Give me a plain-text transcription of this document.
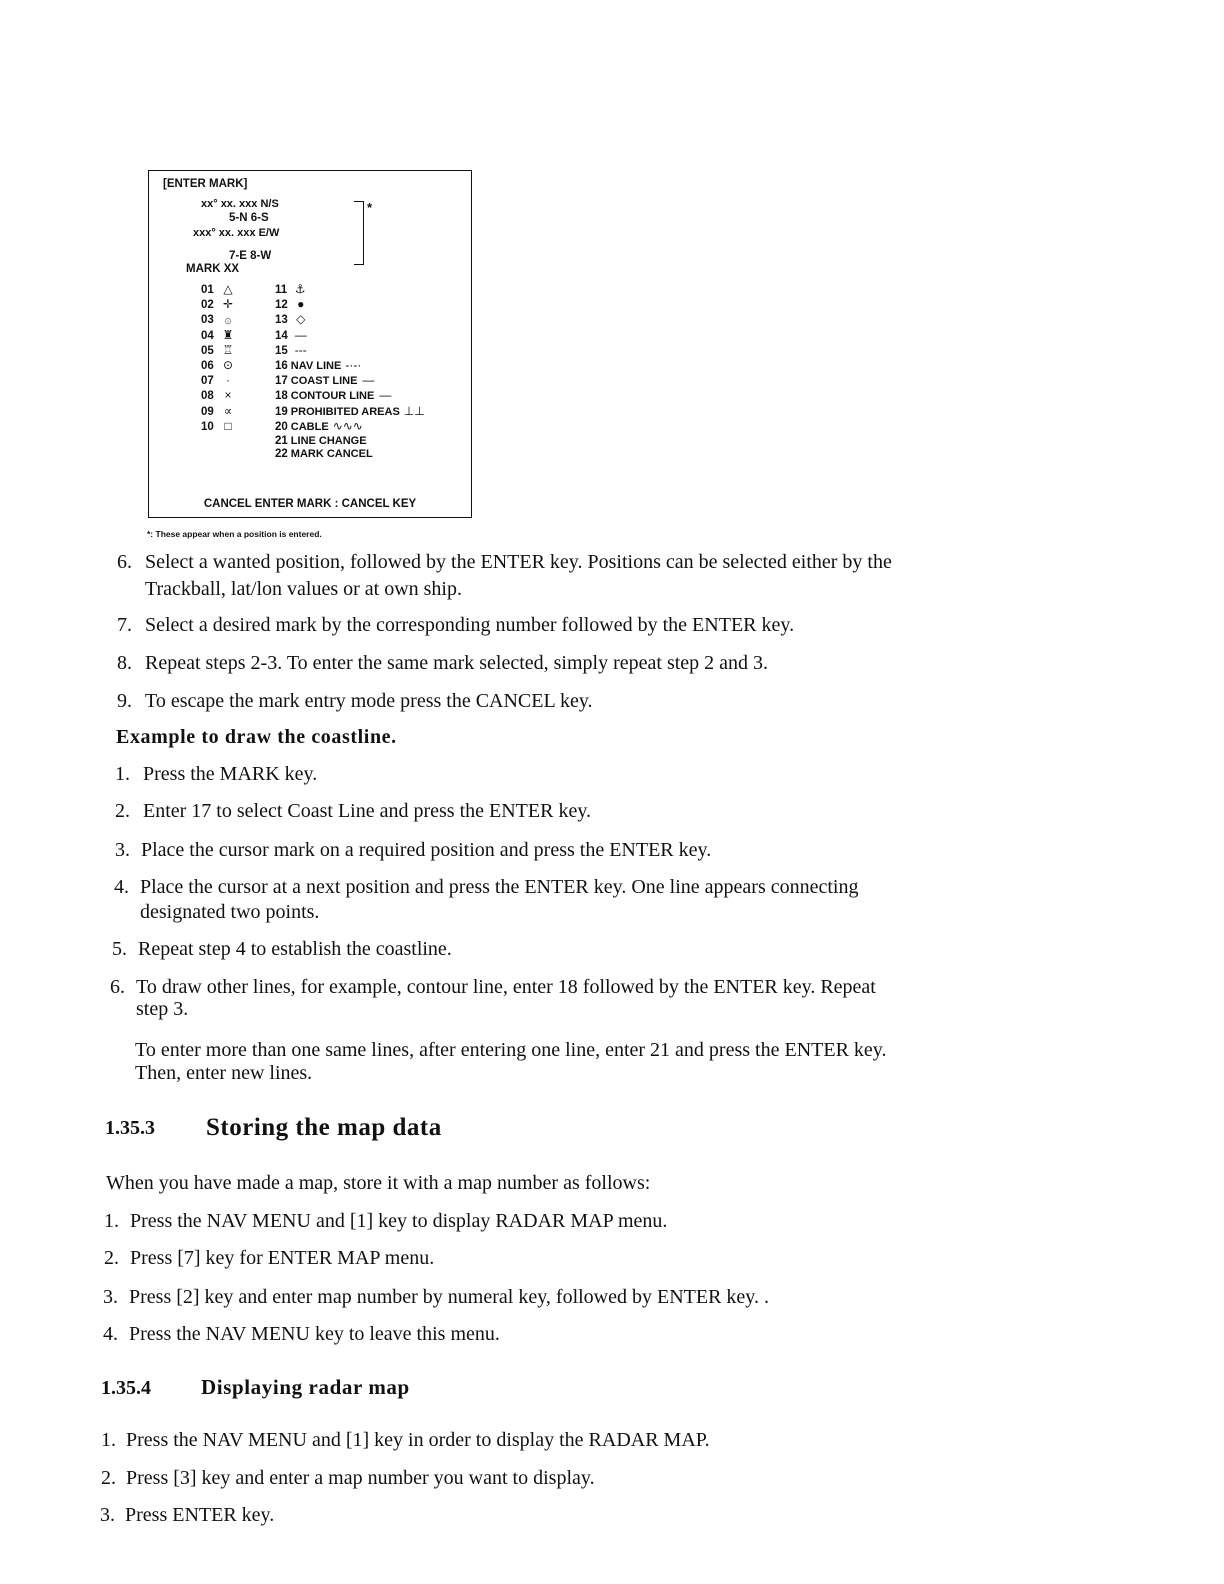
[ENTER MARK]
xx° xx. xxx N/S
5-N 6-S
xxx° xx. xxx E/W
7-E 8-W
MARK XX
*
CANCEL ENTER MARK : CANCEL KEY
01 △
02 ✛
03 ۞
04 ♜
05 ♖
06 ⊙
07 ·
08 ×
09 ∝
10 □
11 ⚓
12 ●
13 ◇
14 —
15 ---
16 NAV LINE -·-·
17 COAST LINE —
18 CONTOUR LINE —
19 PROHIBITED AREAS ⊥⊥
20 CABLE ∿∿∿
21 LINE CHANGE
22 MARK CANCEL
*: These appear when a position is entered.
6. Select a wanted position, followed by the ENTER key. Positions can be selected either by the
Trackball, lat/lon values or at own ship.
7. Select a desired mark by the corresponding number followed by the ENTER key.
8. Repeat steps 2-3. To enter the same mark selected, simply repeat step 2 and 3.
9. To escape the mark entry mode press the CANCEL key.
Example to draw the coastline.
1. Press the MARK key.
2. Enter 17 to select Coast Line and press the ENTER key.
3. Place the cursor mark on a required position and press the ENTER key.
4. Place the cursor at a next position and press the ENTER key. One line appears connecting
designated two points.
5. Repeat step 4 to establish the coastline.
6. To draw other lines, for example, contour line, enter 18 followed by the ENTER key. Repeat
step 3.
To enter more than one same lines, after entering one line, enter 21 and press the ENTER key.
Then, enter new lines.
1.35.3 Storing the map data
When you have made a map, store it with a map number as follows:
1. Press the NAV MENU and [1] key to display RADAR MAP menu.
2. Press [7] key for ENTER MAP menu.
3. Press [2] key and enter map number by numeral key, followed by ENTER key. .
4. Press the NAV MENU key to leave this menu.
1.35.4 Displaying radar map
1. Press the NAV MENU and [1] key in order to display the RADAR MAP.
2. Press [3] key and enter a map number you want to display.
3. Press ENTER key.
